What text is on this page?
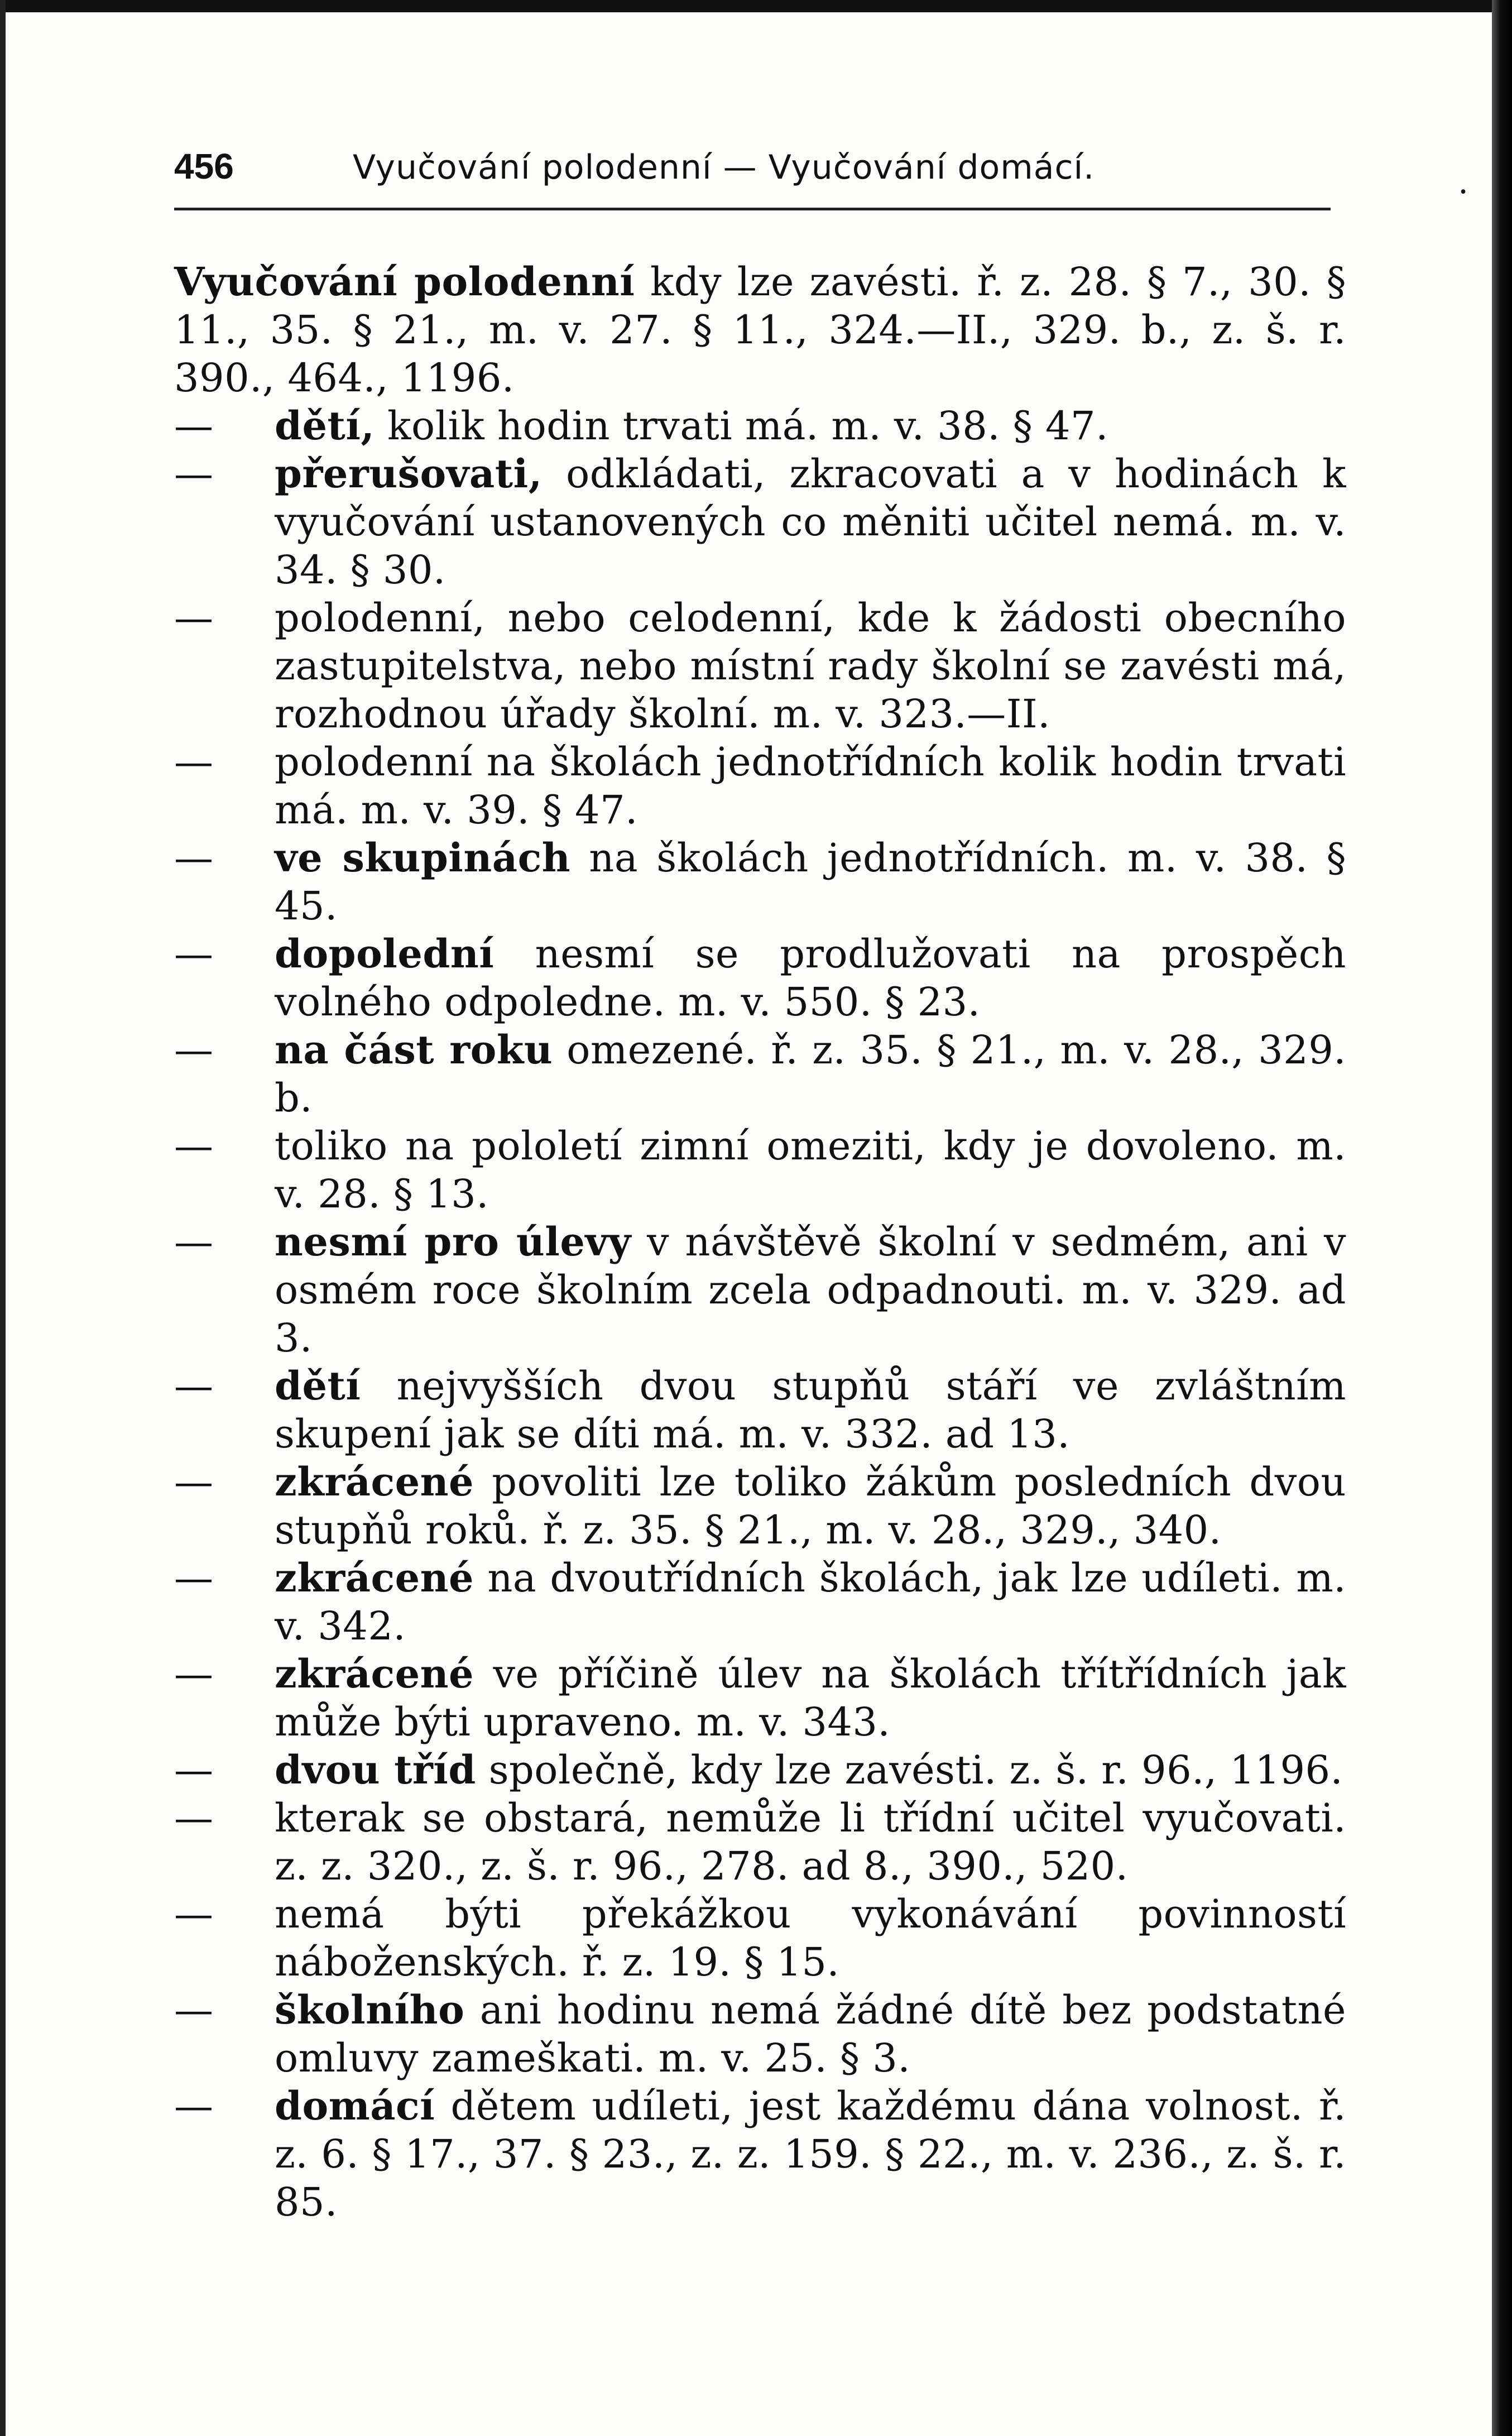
456	Vyučování polodenní — Vyučování domácí.	.

Vyučování polodenní kdy lze zavésti. ř. z. 28. § 7., 30. § 11., 35. § 21., m. v. 27. § 11., 324.—II., 329. b., z. š. r. 390., 464., 1196.

— dětí, kolik hodin trvati má. m. v. 38. § 47.

— přerušovati, odkládati, zkracovati a v hodinách k vyučování ustanovených co měniti učitel nemá. m. v. 34. § 30.

— polodenní, nebo celodenní, kde k žádosti obecního zastupitelstva, nebo místní rady školní se zavésti má, rozhodnou úřady školní. m. v. 323.—II.

— polodenní na školách jednotřídních kolik hodin trvati má. m. v. 39. § 47.

— ve skupinách na školách jednotřídních. m. v. 38. § 45.

— dopolední nesmí se prodlužovati na prospěch volného odpoledne. m. v. 550. § 23.

— na část roku omezené. ř. z. 35. § 21., m. v. 28., 329. b.

— toliko na pololetí zimní omeziti, kdy je dovoleno. m. v. 28. § 13.

— nesmí pro úlevy v návštěvě školní v sedmém, ani v osmém roce školním zcela odpadnouti. m. v. 329. ad 3.

— dětí nejvyšších dvou stupňů stáří ve zvláštním skupení jak se díti má. m. v. 332. ad 13.

— zkrácené povoliti lze toliko žákům posledních dvou stupňů roků. ř. z. 35. § 21., m. v. 28., 329., 340.

— zkrácené na dvoutřídních školách, jak lze udíleti. m. v. 342.

— zkrácené ve příčině úlev na školách třítřídních jak může býti upraveno. m. v. 343.

— dvou tříd společně, kdy lze zavésti. z. š. r. 96., 1196.

— kterak se obstará, nemůže li třídní učitel vyučovati. z. z. 320., z. š. r. 96., 278. ad 8., 390., 520.

— nemá býti překážkou vykonávání povinností náboženských. ř. z. 19. § 15.

— školního ani hodinu nemá žádné dítě bez podstatné omluvy zameškati. m. v. 25. § 3.

— domácí dětem udíleti, jest každému dána volnost. ř. z. 6. § 17., 37. § 23., z. z. 159. § 22., m. v. 236., z. š. r. 85.
